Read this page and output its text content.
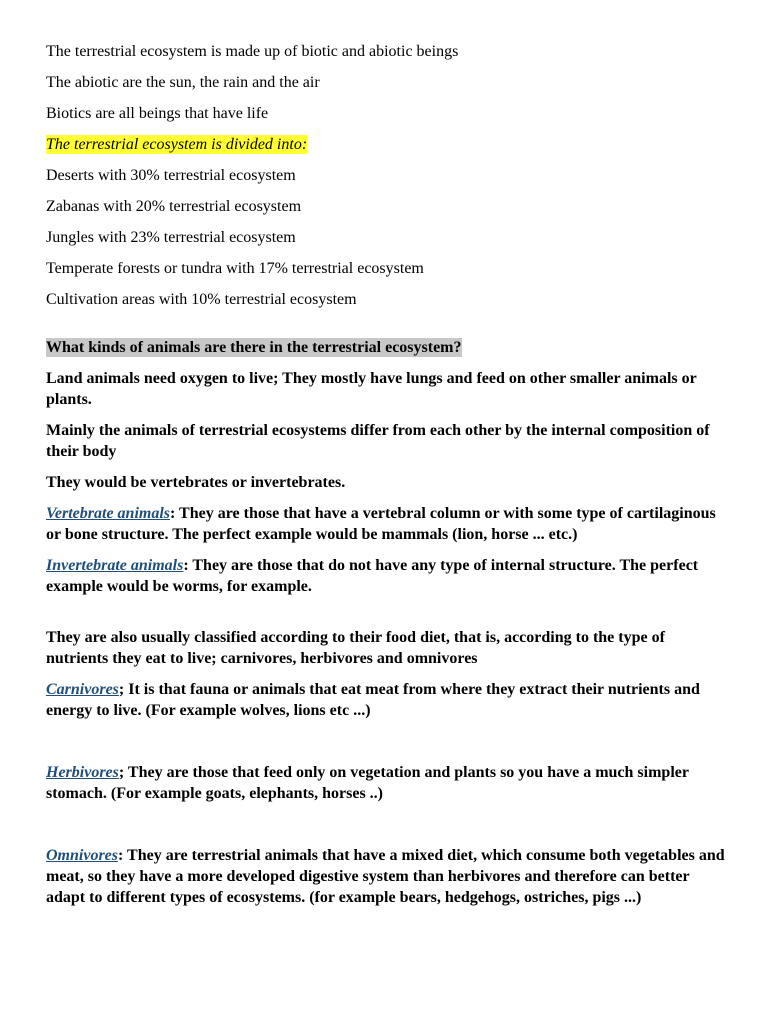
The terrestrial ecosystem is made up of biotic and abiotic beings

The abiotic are the sun, the rain and the air

Biotics are all beings that have life

The terrestrial ecosystem is divided into:

Deserts with 30% terrestrial ecosystem

Zabanas with 20% terrestrial ecosystem

Jungles with 23% terrestrial ecosystem

Temperate forests or tundra with 17% terrestrial ecosystem

Cultivation areas with 10% terrestrial ecosystem

What kinds of animals are there in the terrestrial ecosystem?

Land animals need oxygen to live; They mostly have lungs and feed on other smaller animals or plants.

Mainly the animals of terrestrial ecosystems differ from each other by the internal composition of their body

They would be vertebrates or invertebrates.

Vertebrate animals: They are those that have a vertebral column or with some type of cartilaginous or bone structure. The perfect example would be mammals (lion, horse ... etc.)

Invertebrate animals: They are those that do not have any type of internal structure. The perfect example would be worms, for example.

They are also usually classified according to their food diet, that is, according to the type of nutrients they eat to live; carnivores, herbivores and omnivores

Carnivores; It is that fauna or animals that eat meat from where they extract their nutrients and energy to live. (For example wolves, lions etc ...)

Herbivores; They are those that feed only on vegetation and plants so you have a much simpler stomach. (For example goats, elephants, horses ..)

Omnivores: They are terrestrial animals that have a mixed diet, which consume both vegetables and meat, so they have a more developed digestive system than herbivores and therefore can better adapt to different types of ecosystems. (for example bears, hedgehogs, ostriches, pigs ...)
